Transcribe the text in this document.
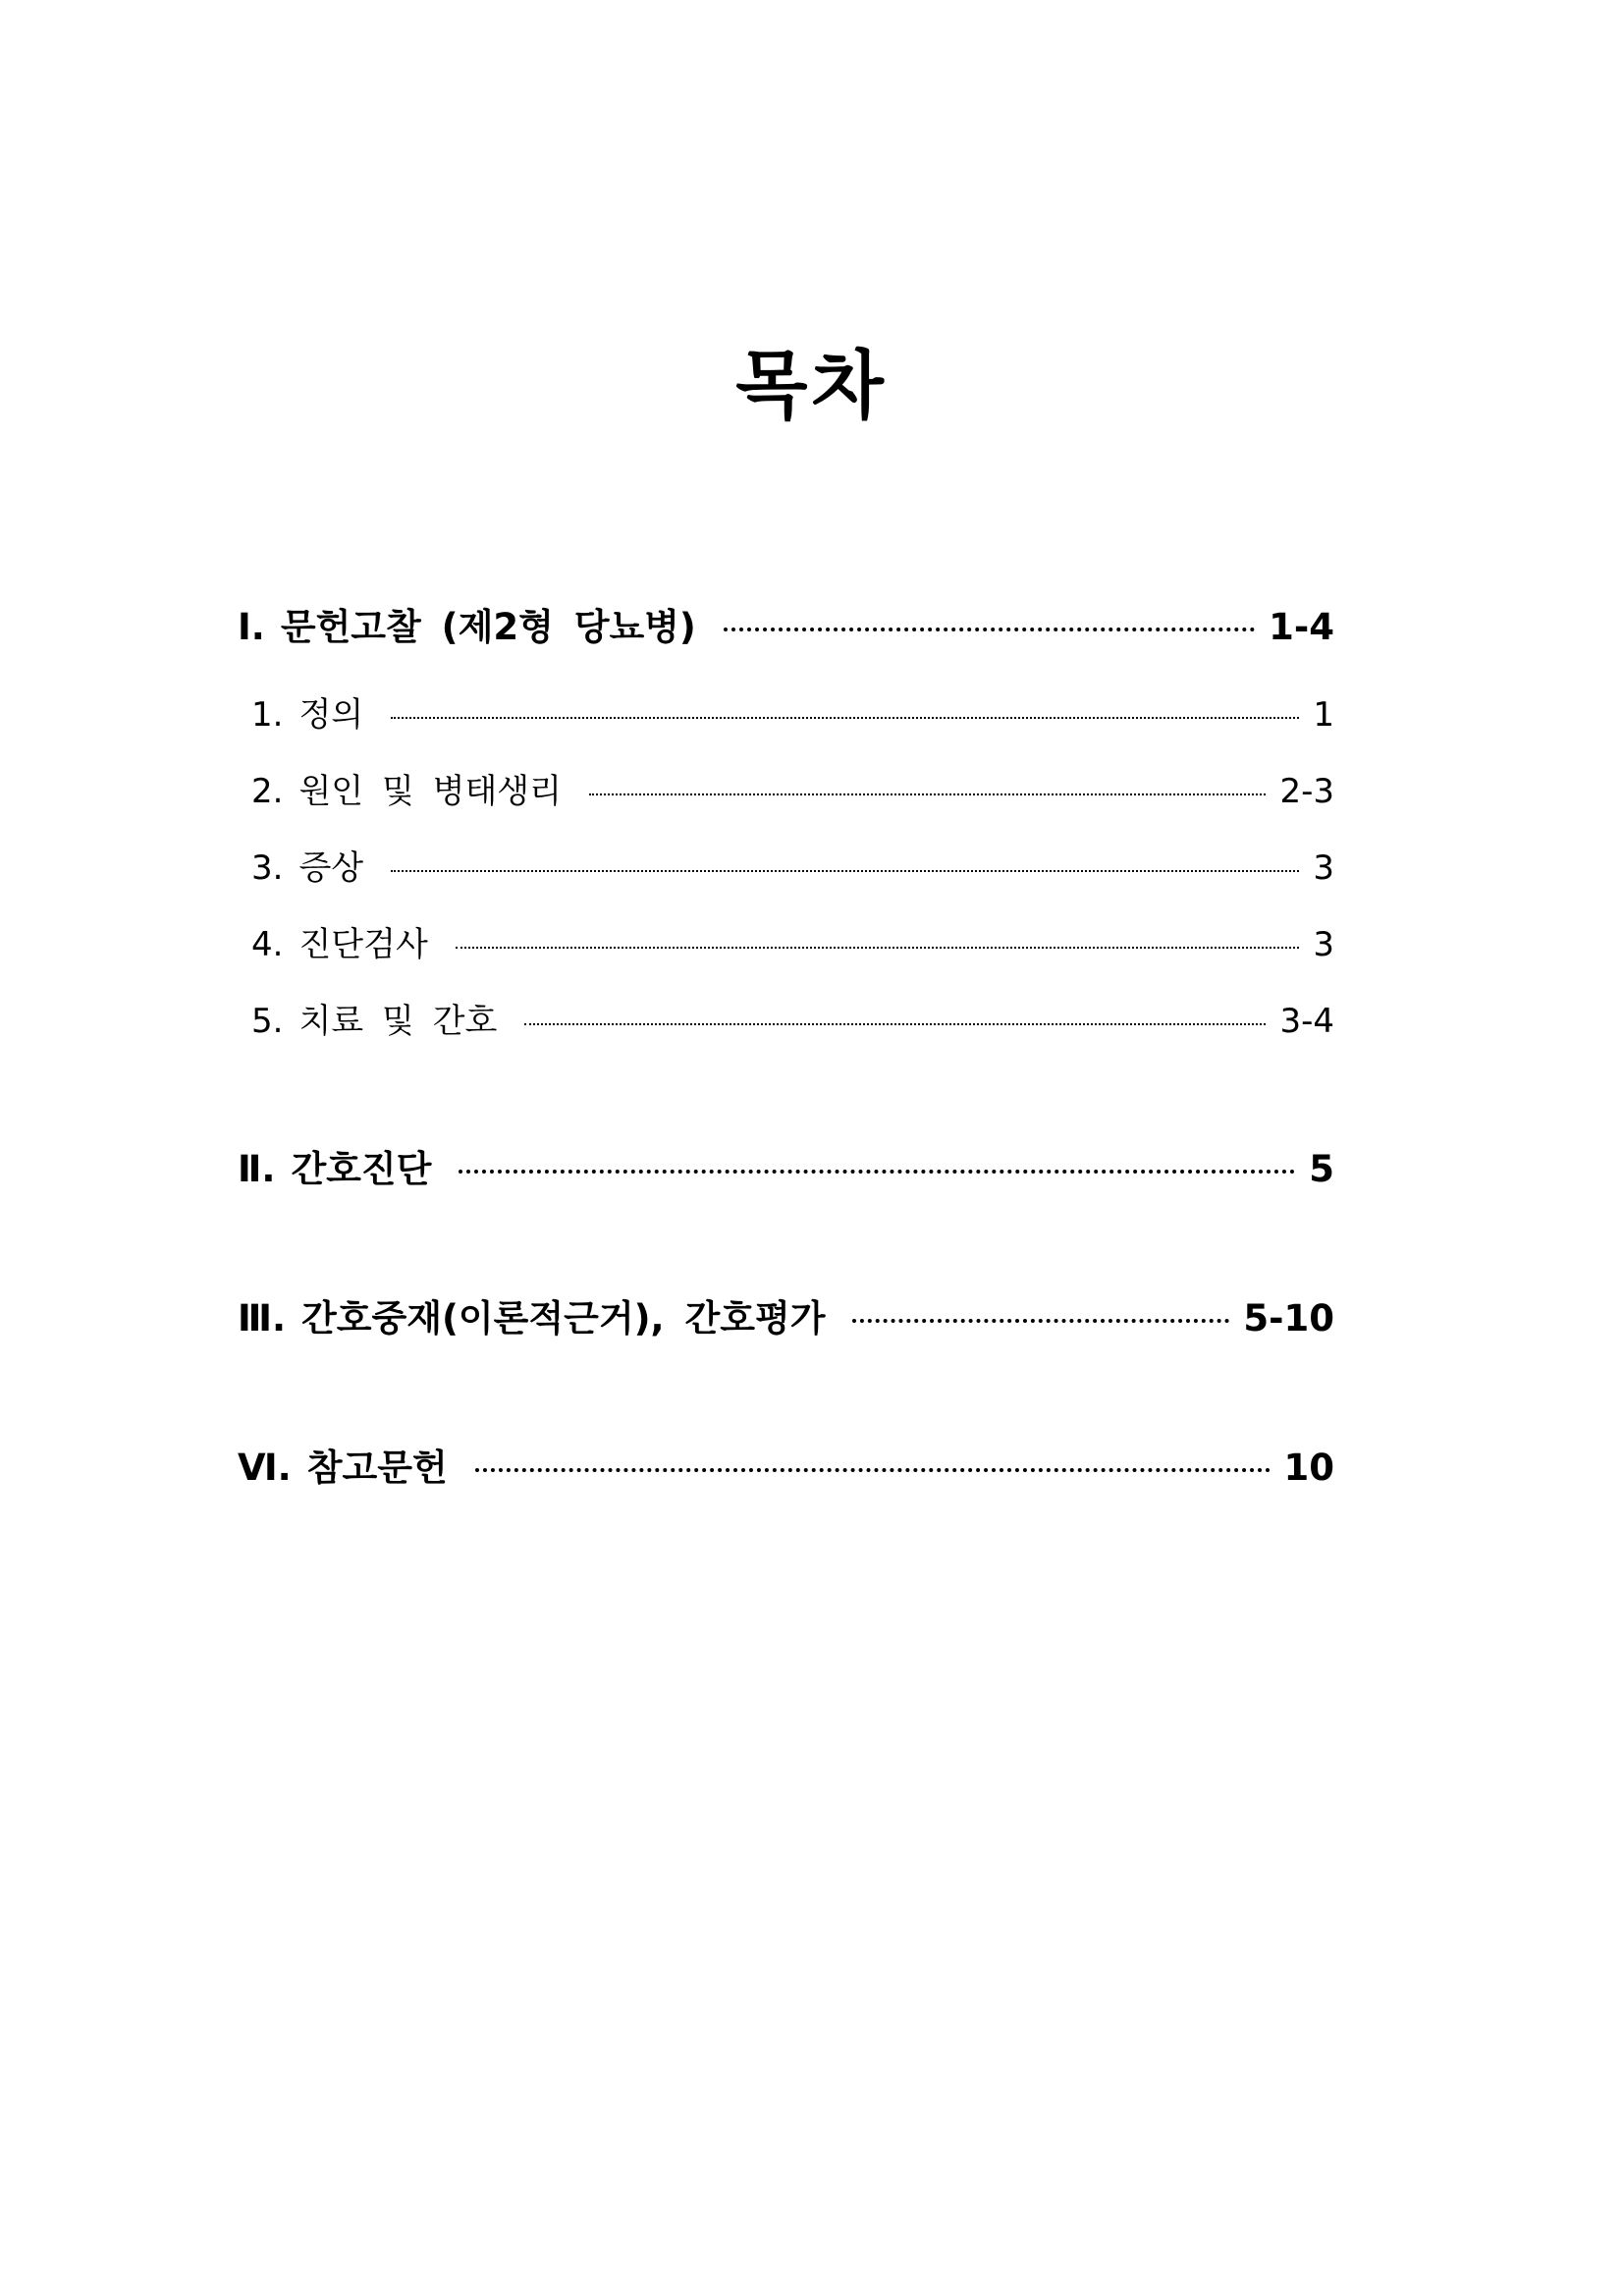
목차
Ⅰ. 문헌고찰 (제2형 당뇨병)	1-4
1. 정의	1
2. 원인 및 병태생리	2-3
3. 증상	3
4. 진단검사	3
5. 치료 및 간호	3-4
Ⅱ. 간호진단	5
Ⅲ. 간호중재(이론적근거), 간호평가	5-10
Ⅵ. 참고문헌	10
